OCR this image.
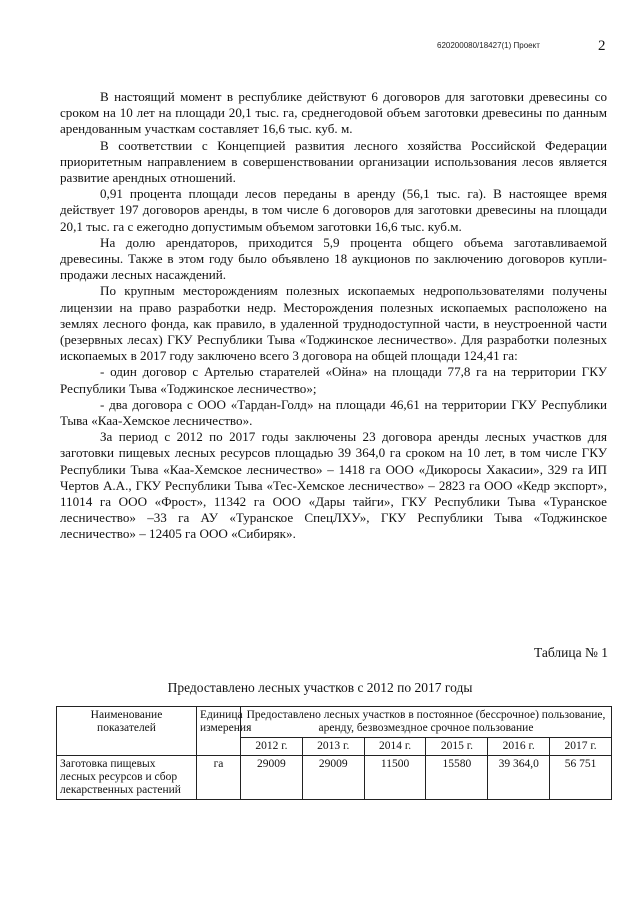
620200080/18427(1) Проект	2

В настоящий момент в республике действуют 6 договоров для заготовки древесины со сроком на 10 лет на площади 20,1 тыс. га, среднегодовой объем заготовки древесины по данным арендованным участкам составляет 16,6 тыс. куб. м.

В соответствии с Концепцией развития лесного хозяйства Российской Федерации приоритетным направлением в совершенствовании организации использования лесов является развитие арендных отношений.

0,91 процента площади лесов переданы в аренду (56,1 тыс. га). В настоящее время действует 197 договоров аренды, в том числе 6 договоров для заготовки древесины на площади 20,1 тыс. га с ежегодно допустимым объемом заготовки 16,6 тыс. куб.м.

На долю арендаторов, приходится 5,9 процента общего объема заготавливаемой древесины. Также в этом году было объявлено 18 аукционов по заключению договоров купли-продажи лесных насаждений.

По крупным месторождениям полезных ископаемых недропользователями получены лицензии на право разработки недр. Месторождения полезных ископаемых расположено на землях лесного фонда, как правило, в удаленной труднодоступной части, в неустроенной части (резервных лесах) ГКУ Республики Тыва «Тоджинское лесничество». Для разработки полезных ископаемых в 2017 году заключено всего 3 договора на общей площади 124,41 га:

- один договор с Артелью старателей «Ойна» на площади 77,8 га на территории ГКУ Республики Тыва «Тоджинское лесничество»;

- два договора с ООО «Тардан-Голд» на площади 46,61 на территории ГКУ Республики Тыва «Каа-Хемское лесничество».

За период с 2012 по 2017 годы заключены 23 договора аренды лесных участков для заготовки пищевых лесных ресурсов площадью 39 364,0 га сроком на 10 лет, в том числе ГКУ Республики Тыва «Каа-Хемское лесничество» – 1418 га ООО «Дикоросы Хакасии», 329 га ИП Чертов А.А., ГКУ Республики Тыва «Тес-Хемское лесничество» – 2823 га ООО «Кедр экспорт», 11014 га ООО «Фрост», 11342 га ООО «Дары тайги», ГКУ Республики Тыва «Туранское лесничество» –33 га АУ «Туранское СпецЛХУ», ГКУ Республики Тыва «Тоджинское лесничество» – 12405 га ООО «Сибиряк».

Таблица № 1
Предоставлено лесных участков с 2012 по 2017 годы
Наименование показателей	Единица измерения	Предоставлено лесных участков в постоянное (бессрочное) пользование, аренду, безвозмездное срочное пользование					
		2012 г.	2013 г.	2014 г.	2015 г.	2016 г.	2017 г.
Заготовка пищевых лесных ресурсов и сбор лекарственных растений	га	29009	29009	11500	15580	39 364,0	56 751
